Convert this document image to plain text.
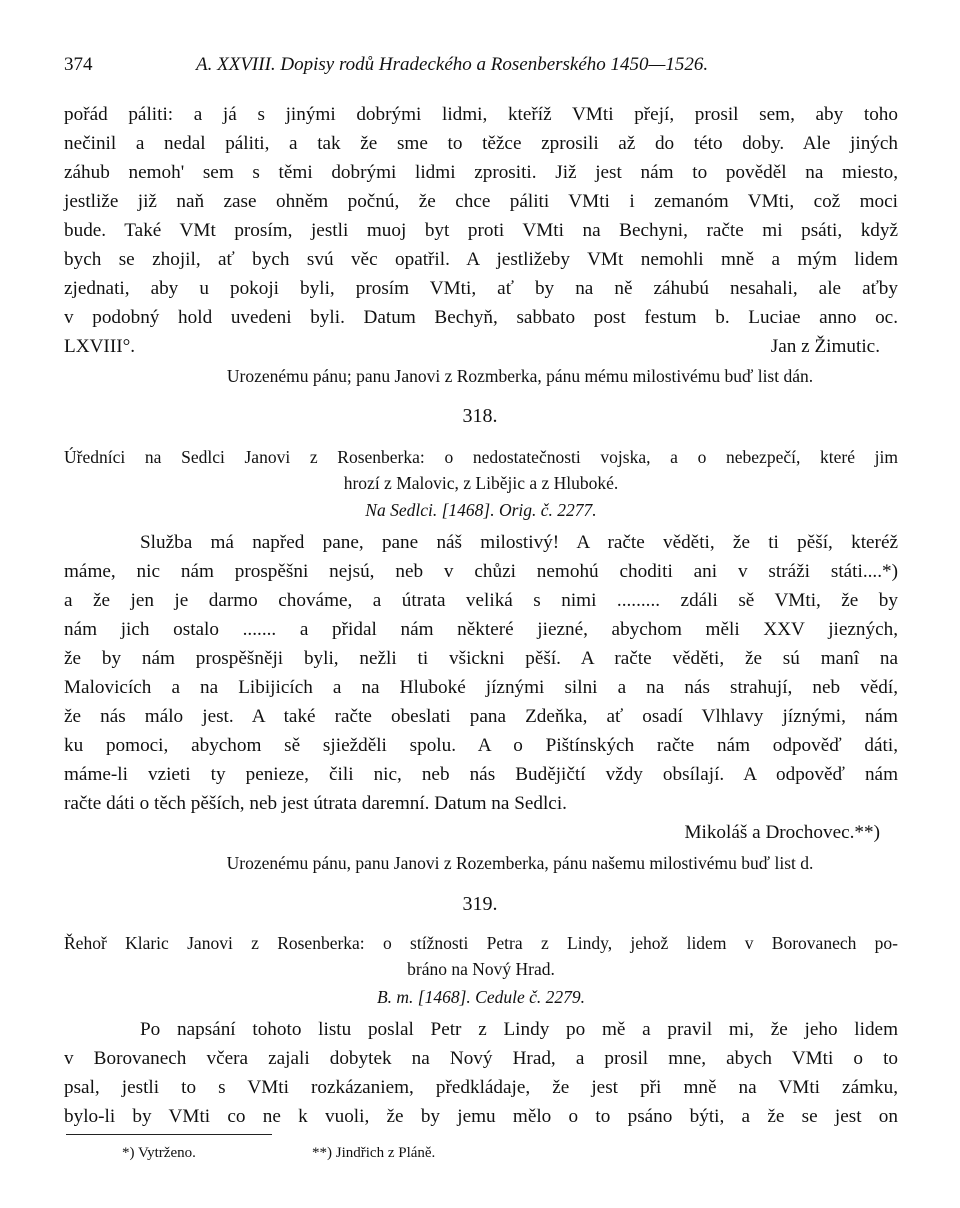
374	A. XXVIII. Dopisy rodů Hradeckého a Rosenberského 1450—1526.
pořád páliti: a já s jinými dobrými lidmi, kteříž VMti přejí, prosil sem, aby toho
nečinil a nedal páliti, a tak že sme to těžce zprosili až do této doby. Ale jiných
záhub nemoh' sem s těmi dobrými lidmi zprositi. Již jest nám to pověděl na miesto,
jestliže již naň zase ohněm počnú, že chce páliti VMti i zemanóm VMti, což moci
bude. Také VMt prosím, jestli muoj byt proti VMti na Bechyni, račte mi psáti, když
bych se zhojil, ať bych svú věc opatřil. A jestližeby VMt nemohli mně a mým lidem
zjednati, aby u pokoji byli, prosím VMti, ať by na ně záhubú nesahali, ale aťby
v podobný hold uvedeni byli. Datum Bechyň, sabbato post festum b. Luciae anno oc.
LXVIII°.	Jan z Žimutic.
Urozenému pánu; panu Janovi z Rozmberka, pánu mému milostivému buď list dán.
318.
Úředníci na Sedlci Janovi z Rosenberka: o nedostatečnosti vojska, a o nebezpečí, které jim
hrozí z Malovic, z Libějic a z Hluboké.
Na Sedlci. [1468]. Orig. č. 2277.
Služba má napřed pane, pane náš milostivý! A račte věděti, že ti pěší, kteréž
máme, nic nám prospěšni nejsú, neb v chůzi nemohú choditi ani v stráži státi....*)
a že jen je darmo chováme, a útrata veliká s nimi ......... zdáli sě VMti, že by
nám jich ostalo ....... a přidal nám některé jiezné, abychom měli XXV jiezných,
že by nám prospěšněji byli, nežli ti všickni pěší. A račte věděti, že sú manî na
Malovicích a na Libijicích a na Hluboké jíznými silni a na nás strahují, neb vědí,
že nás málo jest. A také račte obeslati pana Zdeňka, ať osadí Vlhlavy jíznými, nám
ku pomoci, abychom sě sjiežděli spolu. A o Pištínských račte nám odpověď dáti,
máme-li vzieti ty penieze, čili nic, neb nás Budějičtí vždy obsílají. A odpověď nám
račte dáti o těch pěších, neb jest útrata daremní. Datum na Sedlci.
Mikoláš a Drochovec.**)
Urozenému pánu, panu Janovi z Rozemberka, pánu našemu milostivému buď list d.
319.
Řehoř Klaric Janovi z Rosenberka: o stížnosti Petra z Lindy, jehož lidem v Borovanech po-
bráno na Nový Hrad.
B. m. [1468]. Cedule č. 2279.
Po napsání tohoto listu poslal Petr z Lindy po mě a pravil mi, že jeho lidem
v Borovanech včera zajali dobytek na Nový Hrad, a prosil mne, abych VMti o to
psal, jestli to s VMti rozkázaniem, předkládaje, že jest při mně na VMti zámku,
bylo-li by VMti co ne k vuoli, že by jemu mělo o to psáno býti, a že se jest on
*) Vytrženo.	**) Jindřich z Pláně.
